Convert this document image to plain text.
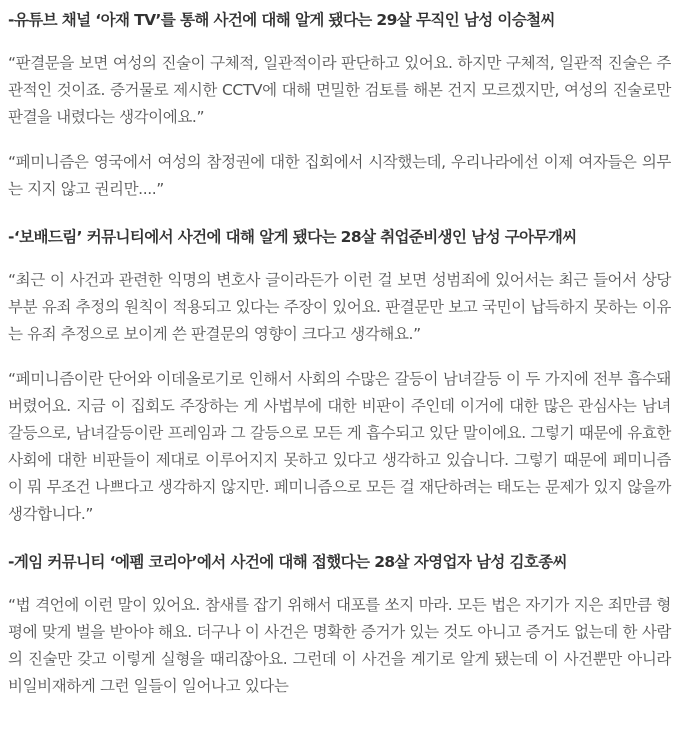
-유튜브 채널 ‘아재 TV’를 통해 사건에 대해 알게 됐다는 29살 무직인 남성 이승철씨

“판결문을 보면 여성의 진술이 구체적, 일관적이라 판단하고 있어요. 하지만 구체적, 일관적 진술은 주관적인 것이죠. 증거물로 제시한 CCTV에 대해 면밀한 검토를 해본 건지 모르겠지만, 여성의 진술로만 판결을 내렸다는 생각이에요.”

“페미니즘은 영국에서 여성의 참정권에 대한 집회에서 시작했는데, 우리나라에선 이제 여자들은 의무는 지지 않고 권리만....”

-‘보배드림’ 커뮤니티에서 사건에 대해 알게 됐다는 28살 취업준비생인 남성 구아무개씨

“최근 이 사건과 관련한 익명의 변호사 글이라든가 이런 걸 보면 성범죄에 있어서는 최근 들어서 상당 부분 유죄 추정의 원칙이 적용되고 있다는 주장이 있어요. 판결문만 보고 국민이 납득하지 못하는 이유는 유죄 추정으로 보이게 쓴 판결문의 영향이 크다고 생각해요.”

“페미니즘이란 단어와 이데올로기로 인해서 사회의 수많은 갈등이 남녀갈등 이 두 가지에 전부 흡수돼 버렸어요. 지금 이 집회도 주장하는 게 사법부에 대한 비판이 주인데 이거에 대한 많은 관심사는 남녀갈등으로, 남녀갈등이란 프레임과 그 갈등으로 모든 게 흡수되고 있단 말이에요. 그렇기 때문에 유효한 사회에 대한 비판들이 제대로 이루어지지 못하고 있다고 생각하고 있습니다. 그렇기 때문에 페미니즘이 뭐 무조건 나쁘다고 생각하지 않지만. 페미니즘으로 모든 걸 재단하려는 태도는 문제가 있지 않을까 생각합니다.”

-게임 커뮤니티 ‘에펨 코리아’에서 사건에 대해 접했다는 28살 자영업자 남성 김호종씨

“법 격언에 이런 말이 있어요. 참새를 잡기 위해서 대포를 쏘지 마라. 모든 법은 자기가 지은 죄만큼 형평에 맞게 벌을 받아야 해요. 더구나 이 사건은 명확한 증거가 있는 것도 아니고 증거도 없는데 한 사람의 진술만 갖고 이렇게 실형을 때리잖아요. 그런데 이 사건을 계기로 알게 됐는데 이 사건뿐만 아니라 비일비재하게 그런 일들이 일어나고 있다는
